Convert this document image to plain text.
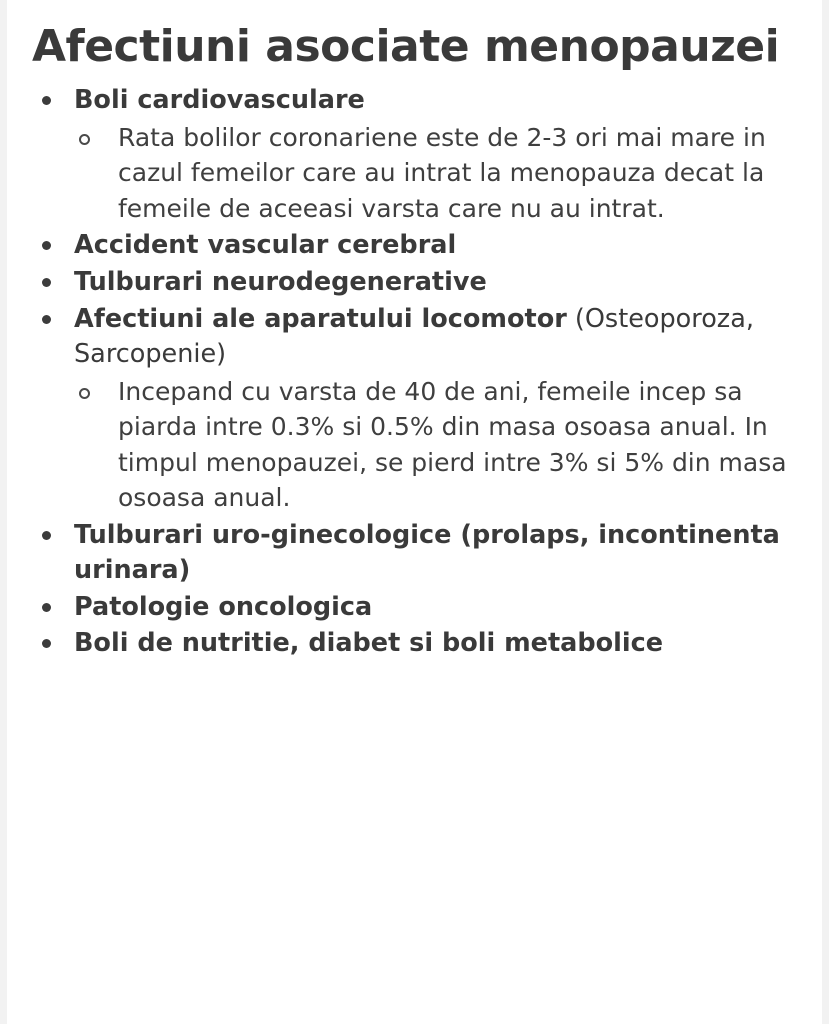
Afectiuni asociate menopauzei
Boli cardiovasculare
Rata bolilor coronariene este de 2-3 ori mai mare in cazul femeilor care au intrat la menopauza decat la femeile de aceeasi varsta care nu au intrat.
Accident vascular cerebral
Tulburari neurodegenerative
Afectiuni ale aparatului locomotor (Osteoporoza, Sarcopenie)
Incepand cu varsta de 40 de ani, femeile incep sa piarda intre 0.3% si 0.5% din masa osoasa anual. In timpul menopauzei, se pierd intre 3% si 5% din masa osoasa anual.
Tulburari uro-ginecologice (prolaps, incontinenta urinara)
Patologie oncologica
Boli de nutritie, diabet si boli metabolice
